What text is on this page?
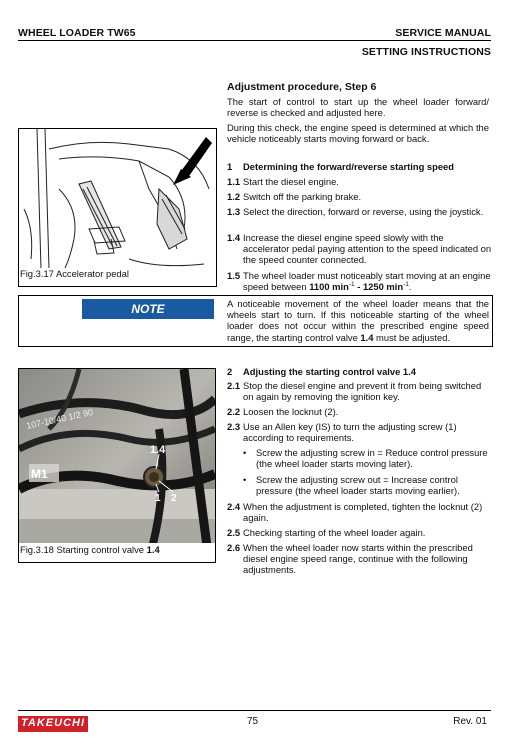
WHEEL LOADER TW65	SERVICE MANUAL
SETTING INSTRUCTIONS
Adjustment procedure, Step 6
The start of control to start up the wheel loader forward/ reverse is checked and adjusted here.
During this check, the engine speed is determined at which the vehicle noticeably starts moving forward or back.
1 Determining the forward/reverse starting speed
1.1 Start the diesel engine.
1.2 Switch off the parking brake.
1.3 Select the direction, forward or reverse, using the joystick.
1.4 Increase the diesel engine speed slowly with the accelerator pedal paying attention to the speed indicated on the speed counter connected.
1.5 The wheel loader must noticeably start moving at an engine speed between 1100 $\min^{-1} - 1250$ $\min^{-1}$.
Fig.3.17 Accelerator pedal
NOTE	A noticeable movement of the wheel loader means that the wheels start to turn. If this noticeable starting of the wheel loader does not occur within the prescribed engine speed range, the starting control valve 1.4 must be adjusted.
2 Adjusting the starting control valve 1.4
2.1 Stop the diesel engine and prevent it from being switched on again by removing the ignition key.
2.2 Loosen the locknut (2).
2.3 Use an Allen key (IS) to turn the adjusting screw (1) according to requirements.
• Screw the adjusting screw in = Reduce control pressure (the wheel loader starts moving later).
• Screw the adjusting screw out = Increase control pressure (the wheel loader starts moving earlier).
2.4 When the adjustment is completed, tighten the locknut (2) again.
2.5 Checking starting of the wheel loader again.
2.6 When the wheel loader now starts within the prescribed diesel engine speed range, continue with the following adjustments.
107-10/40 1/2 90
M1
1.4
1 2
Fig.3.18 Starting control valve 1.4
TAKEUCHI	75	Rev. 01
